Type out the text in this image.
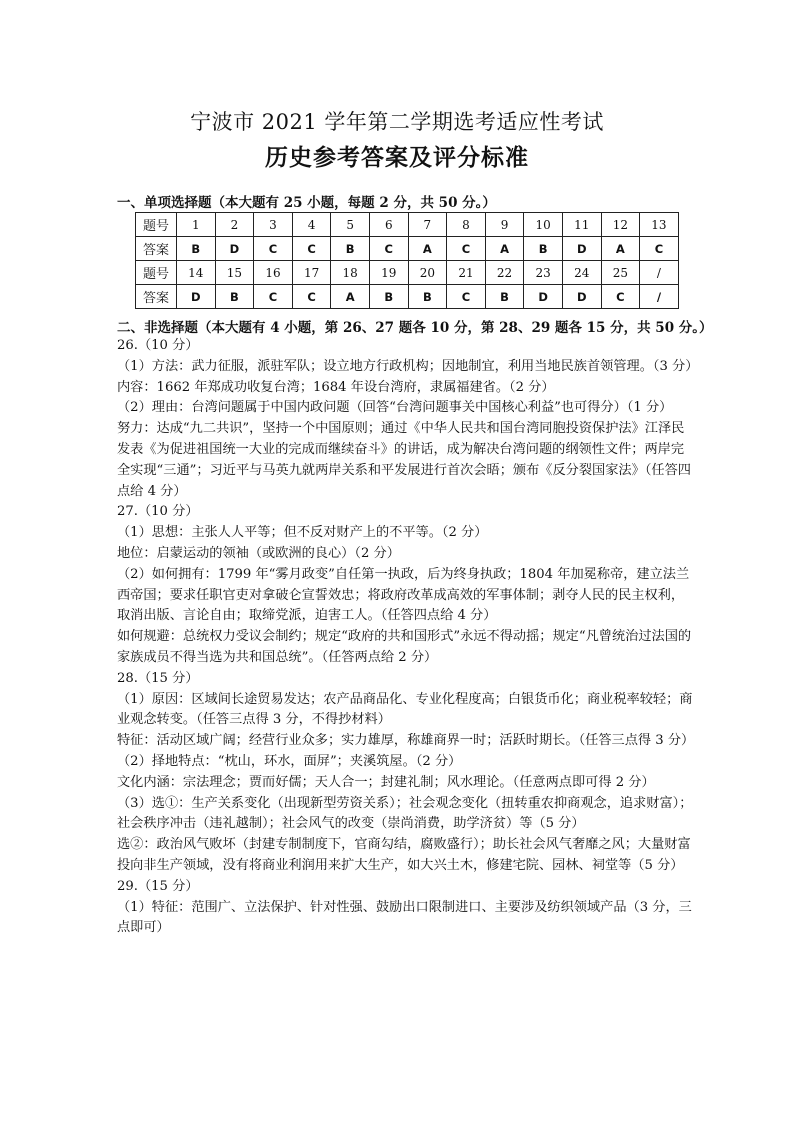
宁波市 2021 学年第二学期选考适应性考试
历史参考答案及评分标准
一、单项选择题（本大题有 25 小题，每题 2 分，共 50 分。）
题号	1	2	3	4	5	6	7	8	9	10	11	12	13
答案	B	D	C	C	B	C	A	C	A	B	D	A	C
题号	14	15	16	17	18	19	20	21	22	23	24	25	/
答案	D	B	C	C	A	B	B	C	B	D	D	C	/
二、非选择题（本大题有 4 小题，第 26、27 题各 10 分，第 28、29 题各 15 分，共 50 分。）

26.（10 分）

（1）方法：武力征服，派驻军队；设立地方行政机构；因地制宜，利用当地民族首领管理。（3 分）

内容：1662 年郑成功收复台湾；1684 年设台湾府，隶属福建省。（2 分）

（2）理由：台湾问题属于中国内政问题（回答“台湾问题事关中国核心利益”也可得分）（1 分）

努力：达成“九二共识”，坚持一个中国原则；通过《中华人民共和国台湾同胞投资保护法》江泽民发表《为促进祖国统一大业的完成而继续奋斗》的讲话，成为解决台湾问题的纲领性文件；两岸完全实现“三通”；习近平与马英九就两岸关系和平发展进行首次会晤；颁布《反分裂国家法》（任答四点给 4 分）

27.（10 分）

（1）思想：主张人人平等；但不反对财产上的不平等。（2 分）

地位：启蒙运动的领袖（或欧洲的良心）（2 分）

（2）如何拥有：1799 年“雾月政变”自任第一执政，后为终身执政；1804 年加冕称帝，建立法兰西帝国；要求任职官吏对拿破仑宣誓效忠；将政府改革成高效的军事体制；剥夺人民的民主权利，取消出版、言论自由；取缔党派，迫害工人。（任答四点给 4 分）

如何规避：总统权力受议会制约；规定“政府的共和国形式”永远不得动摇；规定“凡曾统治过法国的家族成员不得当选为共和国总统”。（任答两点给 2 分）

28.（15 分）

（1）原因：区域间长途贸易发达；农产品商品化、专业化程度高；白银货币化；商业税率较轻；商业观念转变。（任答三点得 3 分，不得抄材料）

特征：活动区域广阔；经营行业众多；实力雄厚，称雄商界一时；活跃时期长。（任答三点得 3 分）

（2）择地特点：“枕山，环水，面屏”；夹溪筑屋。（2 分）

文化内涵：宗法理念；贾而好儒；天人合一；封建礼制；风水理论。（任意两点即可得 2 分）

（3）选①：生产关系变化（出现新型劳资关系）；社会观念变化（扭转重农抑商观念，追求财富）；社会秩序冲击（违礼越制）；社会风气的改变（崇尚消费，助学济贫）等（5 分）

选②：政治风气败坏（封建专制制度下，官商勾结，腐败盛行）；助长社会风气奢靡之风；大量财富投向非生产领域，没有将商业利润用来扩大生产，如大兴土木，修建宅院、园林、祠堂等（5 分）

29.（15 分）

（1）特征：范围广、立法保护、针对性强、鼓励出口限制进口、主要涉及纺织领域产品（3 分，三点即可）
